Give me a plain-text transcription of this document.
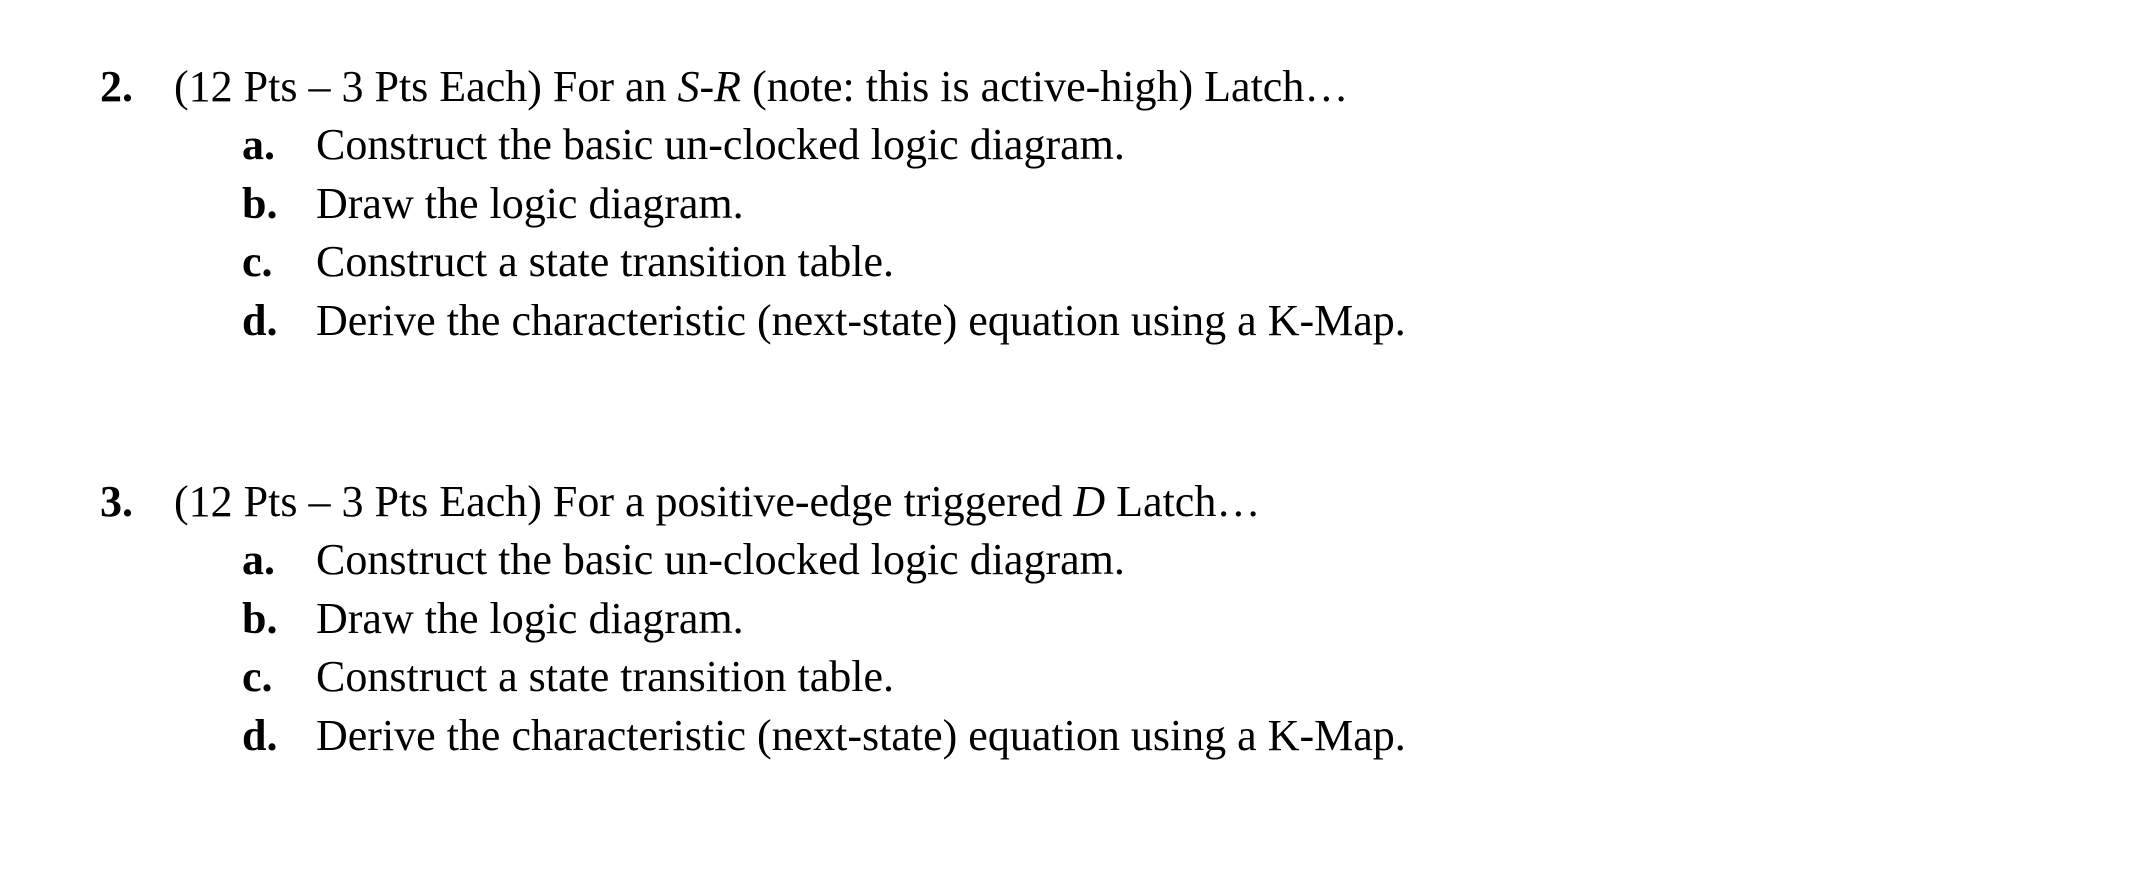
2. (12 Pts – 3 Pts Each) For an S-R (note: this is active-high) Latch…
a. Construct the basic un-clocked logic diagram.
b. Draw the logic diagram.
c. Construct a state transition table.
d. Derive the characteristic (next-state) equation using a K-Map.
3. (12 Pts – 3 Pts Each) For a positive-edge triggered D Latch…
a. Construct the basic un-clocked logic diagram.
b. Draw the logic diagram.
c. Construct a state transition table.
d. Derive the characteristic (next-state) equation using a K-Map.
